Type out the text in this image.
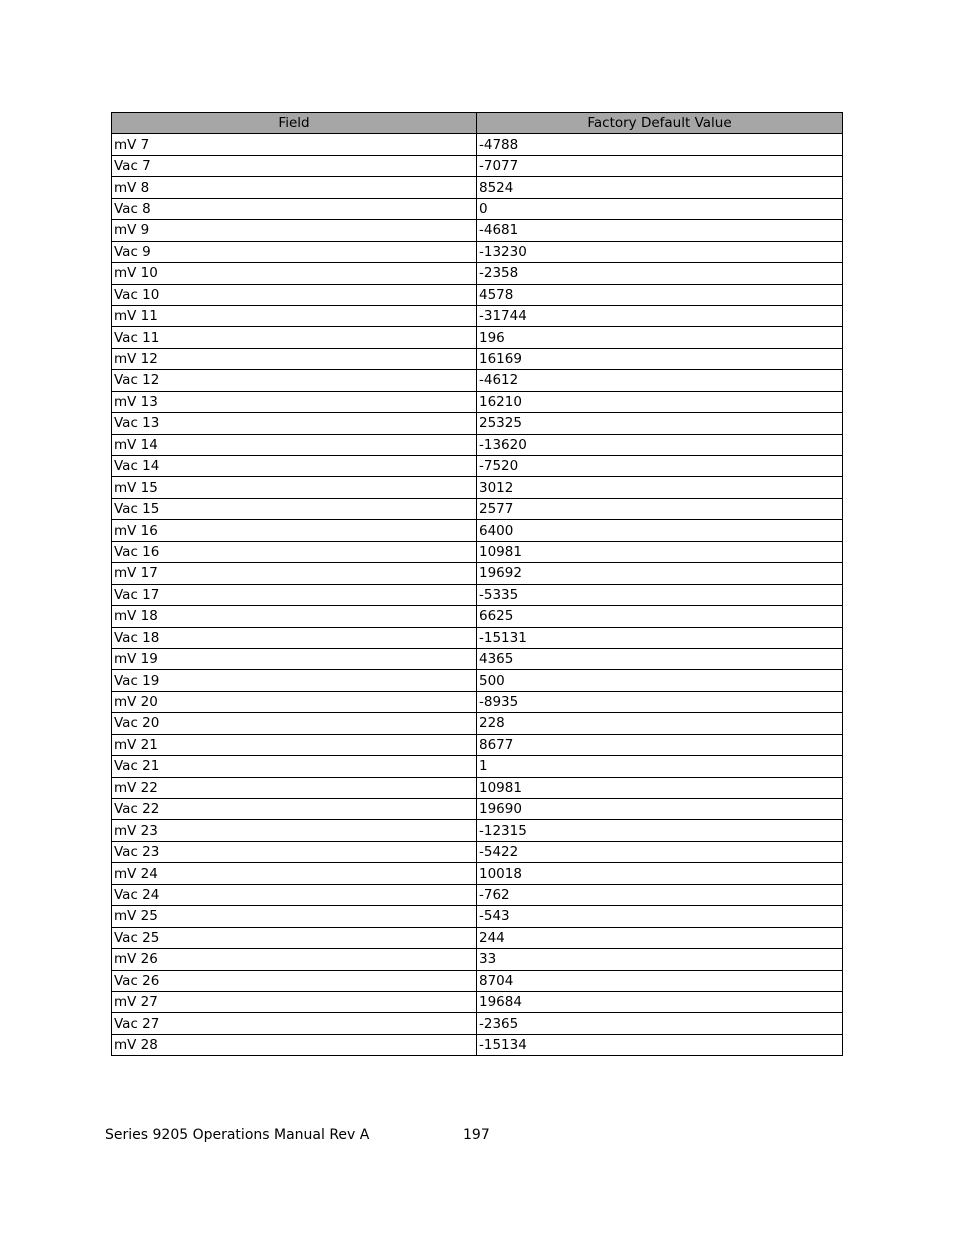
Field	Factory Default Value
mV 7	-4788
Vac 7	-7077
mV 8	8524
Vac 8	0
mV 9	-4681
Vac 9	-13230
mV 10	-2358
Vac 10	4578
mV 11	-31744
Vac 11	196
mV 12	16169
Vac 12	-4612
mV 13	16210
Vac 13	25325
mV 14	-13620
Vac 14	-7520
mV 15	3012
Vac 15	2577
mV 16	6400
Vac 16	10981
mV 17	19692
Vac 17	-5335
mV 18	6625
Vac 18	-15131
mV 19	4365
Vac 19	500
mV 20	-8935
Vac 20	228
mV 21	8677
Vac 21	1
mV 22	10981
Vac 22	19690
mV 23	-12315
Vac 23	-5422
mV 24	10018
Vac 24	-762
mV 25	-543
Vac 25	244
mV 26	33
Vac 26	8704
mV 27	19684
Vac 27	-2365
mV 28	-15134
Series 9205 Operations Manual Rev A	197
